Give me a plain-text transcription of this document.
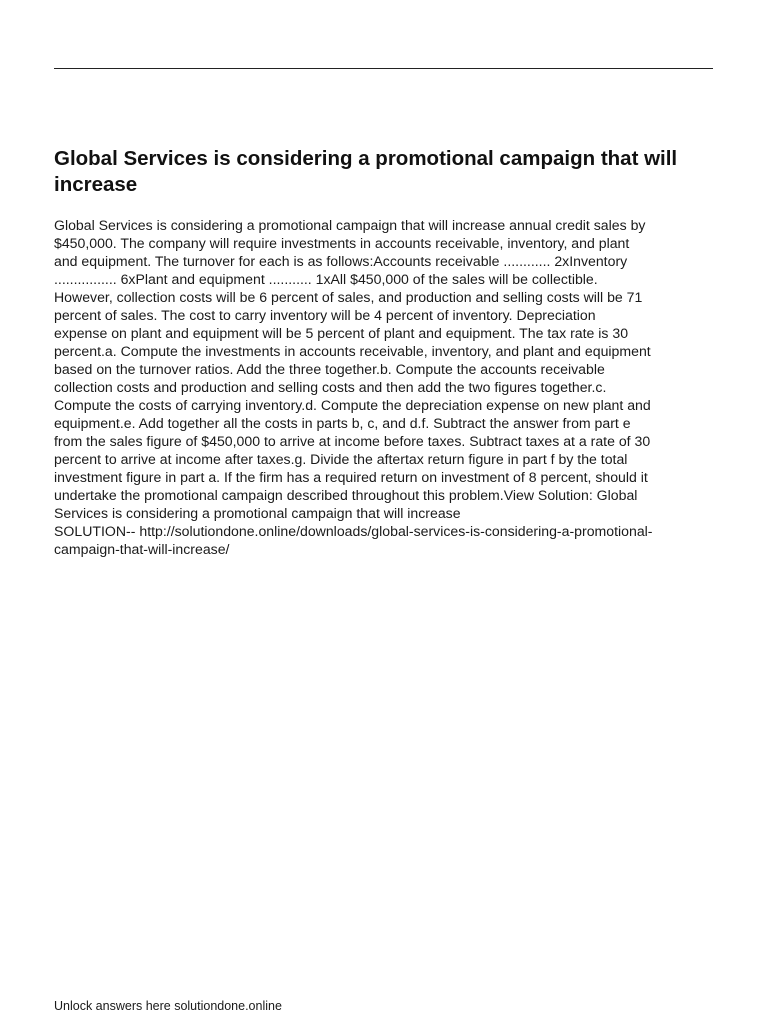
Global Services is considering a promotional campaign that will increase
Global Services is considering a promotional campaign that will increase annual credit sales by
$450,000. The company will require investments in accounts receivable, inventory, and plant
and equipment. The turnover for each is as follows:Accounts receivable ............ 2xInventory
................ 6xPlant and equipment ........... 1xAll $450,000 of the sales will be collectible.
However, collection costs will be 6 percent of sales, and production and selling costs will be 71
percent of sales. The cost to carry inventory will be 4 percent of inventory. Depreciation
expense on plant and equipment will be 5 percent of plant and equipment. The tax rate is 30
percent.a. Compute the investments in accounts receivable, inventory, and plant and equipment
based on the turnover ratios. Add the three together.b. Compute the accounts receivable
collection costs and production and selling costs and then add the two figures together.c.
Compute the costs of carrying inventory.d. Compute the depreciation expense on new plant and
equipment.e. Add together all the costs in parts b, c, and d.f. Subtract the answer from part e
from the sales figure of $450,000 to arrive at income before taxes. Subtract taxes at a rate of 30
percent to arrive at income after taxes.g. Divide the aftertax return figure in part f by the total
investment figure in part a. If the firm has a required return on investment of 8 percent, should it
undertake the promotional campaign described throughout this problem.View Solution: Global
Services is considering a promotional campaign that will increase
SOLUTION-- http://solutiondone.online/downloads/global-services-is-considering-a-promotional-
campaign-that-will-increase/

Unlock answers here solutiondone.online
